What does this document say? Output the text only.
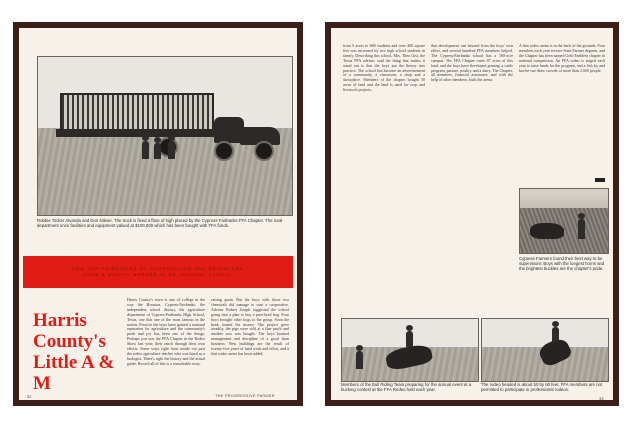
Robbie Tocker Alvanda and Don Nilene. The truck is fixed a flare of high placed by the Cypress-Fairbanks FFA Chapter. The rural department once facilities and equipment valued at $100,000 which has been bought with FFA funds.
HOW THE PRINCIPLES OF COOPERATION AND ADVENTURE
FORM A MIGHTY MERGER IN AN UNUSUAL SCHOOL
Harris County's Little A & M
Harris County's town is one of college in the way the Houston, Cypress-Fairbanks, the independent school district, the agriculture department of Cypress-Fairbanks High School, Texas, one that one of the most famous in the nation. Practice the boys have gained a national reputation for agriculture and the community's pride and joy has been one of the things. Perhaps you saw the FFA Chapter in the Rodeo Show last year; their ranch through their own efforts. Some ways right from inside out past the rodeo agriculture teacher who was hired as a biologist. There's right the history and the actual guide. Record all of this is a remarkable story.
raising grain. But the boys with those two chemicals did manage to start a cooperative. Adviser Robert Joseph suggested the school going into a plan to buy a pure-bred hog. Four boys brought other hogs to the group. Soon the bank loaned the money. The project grew steadily, the pigs were sold at a fine profit and another sow was bought. The boys learned management and discipline of a good farm business. New buildings are the result of twenty-five years of hard work and effort, and a fine rodeo arena has been added.
32	THE PROGRESSIVE FARMER
from 5 acres to 600 students and over 400 square feet was increased by two high school students in family. Describing this school, Mrs. Theo Gist, the Texas FFA adviser, said the thing that makes it stand out is that the boys put the theory into practice. The school has become an advertisement of a community, a classroom, a shop and a showplace. Members of the chapter bought 50 acres of land and the land is used for crop and livestock projects.
that development can beyond from the boys' own effort, and several hundred FFA members helped. The Cypress-Fairbanks school has a 160-acre campus. The FFA Chapter owns 87 acres of this land, and the boys have developed grazing, a cattle program, pasture, poultry and a dairy. The Chapter, all members, financial assistance, and with the help of other members, built the arena.
A fine rodeo arena is in the back of the grounds. Four members each year receive State Farmer degrees, and the Chapter has been named Gold Emblem chapter in national competition. An FFA rodeo is staged each year to raise funds for the program, and a fish fry and bar-be-cue draw crowds of more than 2,000 people.
Cypress Farmers found their best way to be supervisors: Boys with the longest horns and the brightest buckles are the chapter's pride.
Members of the Bull Riding Team preparing for the annual event at a bucking contest at the FFA Rodeo held each year.
The rodeo headed is about 50 by 60 feet. FFA members are not permitted to participate in professional rodeos.
33
